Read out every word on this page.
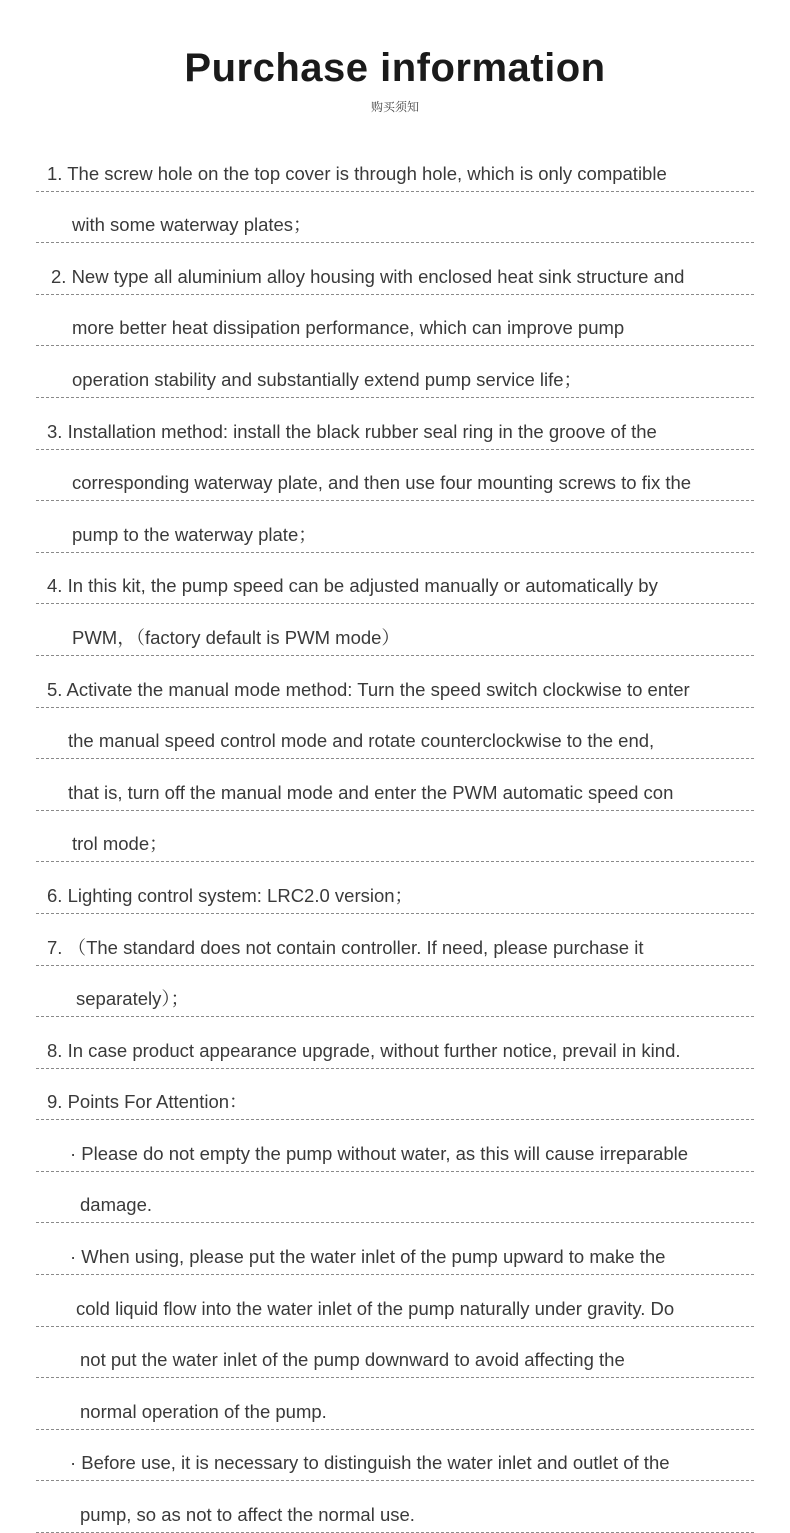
Purchase information
购买须知
1. The screw hole on the top cover is through hole, which is only compatible
with some waterway plates；
2. New type all aluminium alloy housing with enclosed heat sink structure and
more better heat dissipation performance, which can improve pump
operation stability and substantially extend pump service life；
3. Installation method: install the black rubber seal ring in the groove of the
corresponding waterway plate, and then use four mounting screws to fix the
pump to the waterway plate；
4. In this kit, the pump speed can be adjusted manually or automatically by
PWM，（factory default is PWM mode）
5. Activate the manual mode method: Turn the speed switch clockwise to enter
the manual speed control mode and rotate counterclockwise to the end,
that is, turn off the manual mode and enter the PWM automatic speed con
trol mode；
6. Lighting control system: LRC2.0 version；
7. （The standard does not contain controller. If need, please purchase it
separately）；
8. In case product appearance upgrade, without further notice, prevail in kind.
9. Points For Attention：
· Please do not empty the pump without water, as this will cause irreparable
damage.
· When using, please put the water inlet of the pump upward to make the
cold liquid flow into the water inlet of the pump naturally under gravity. Do
not put the water inlet of the pump downward to avoid affecting the
normal operation of the pump.
· Before use, it is necessary to distinguish the water inlet and outlet of the
pump, so as not to affect the normal use.
